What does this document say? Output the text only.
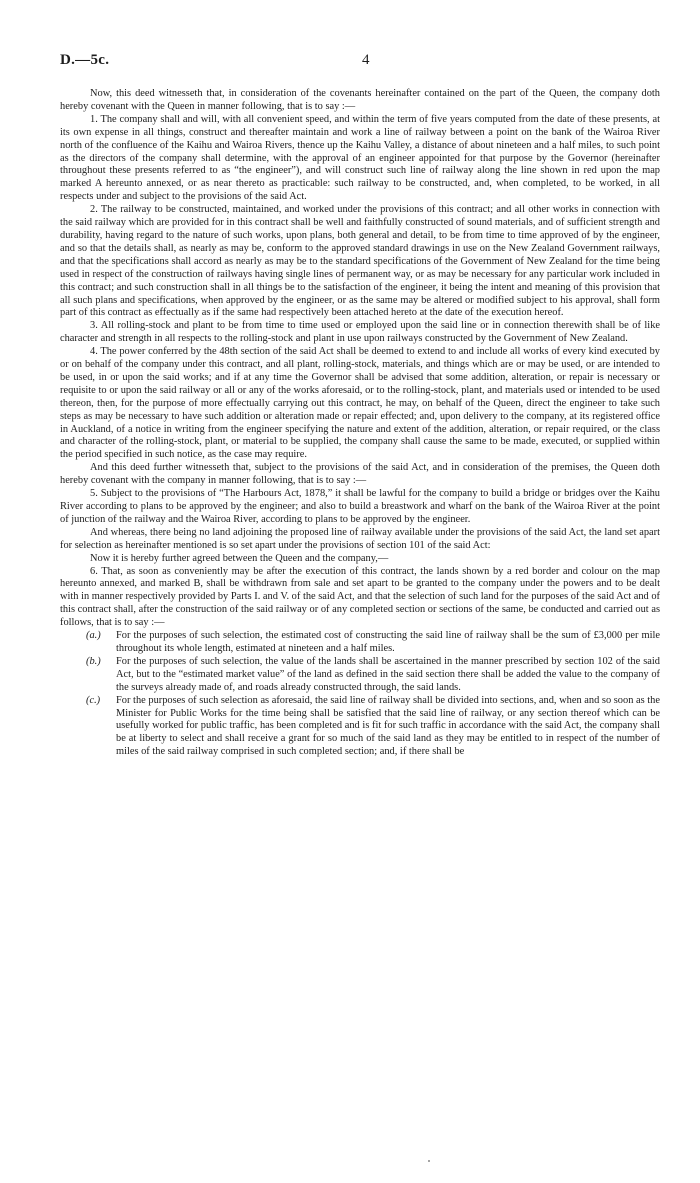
D.—5c.	4

Now, this deed witnesseth that, in consideration of the covenants hereinafter contained on the part of the Queen, the company doth hereby covenant with the Queen in manner following, that is to say :—

1. The company shall and will, with all convenient speed, and within the term of five years computed from the date of these presents, at its own expense in all things, construct and thereafter maintain and work a line of railway between a point on the bank of the Wairoa River north of the confluence of the Kaihu and Wairoa Rivers, thence up the Kaihu Valley, a distance of about nineteen and a half miles, to such point as the directors of the company shall determine, with the approval of an engineer appointed for that purpose by the Governor (hereinafter throughout these presents referred to as “the engineer”), and will construct such line of railway along the line shown in red upon the map marked A hereunto annexed, or as near thereto as practicable: such railway to be constructed, and, when completed, to be worked, in all respects under and subject to the provisions of the said Act.

2. The railway to be constructed, maintained, and worked under the provisions of this contract; and all other works in connection with the said railway which are provided for in this contract shall be well and faithfully constructed of sound materials, and of sufficient strength and durability, having regard to the nature of such works, upon plans, both general and detail, to be from time to time approved of by the engineer, and so that the details shall, as nearly as may be, conform to the approved standard drawings in use on the New Zealand Government railways, and that the specifications shall accord as nearly as may be to the standard specifications of the Government of New Zealand for the time being used in respect of the construction of railways having single lines of permanent way, or as may be necessary for any particular work included in this contract; and such construction shall in all things be to the satisfaction of the engineer, it being the intent and meaning of this provision that all such plans and specifications, when approved by the engineer, or as the same may be altered or modified subject to his approval, shall form part of this contract as effectually as if the same had respectively been attached hereto at the date of the execution hereof.

3. All rolling-stock and plant to be from time to time used or employed upon the said line or in connection therewith shall be of like character and strength in all respects to the rolling-stock and plant in use upon railways constructed by the Government of New Zealand.

4. The power conferred by the 48th section of the said Act shall be deemed to extend to and include all works of every kind executed by or on behalf of the company under this contract, and all plant, rolling-stock, materials, and things which are or may be used, or are intended to be used, in or upon the said works; and if at any time the Governor shall be advised that some addition, alteration, or repair is necessary or requisite to or upon the said railway or all or any of the works aforesaid, or to the rolling-stock, plant, and materials used or intended to be used thereon, then, for the purpose of more effectually carrying out this contract, he may, on behalf of the Queen, direct the engineer to take such steps as may be necessary to have such addition or alteration made or repair effected; and, upon delivery to the company, at its registered office in Auckland, of a notice in writing from the engineer specifying the nature and extent of the addition, alteration, or repair required, or the class and character of the rolling-stock, plant, or material to be supplied, the company shall cause the same to be made, executed, or supplied within the period specified in such notice, as the case may require.

And this deed further witnesseth that, subject to the provisions of the said Act, and in consideration of the premises, the Queen doth hereby covenant with the company in manner following, that is to say :—

5. Subject to the provisions of “The Harbours Act, 1878,” it shall be lawful for the company to build a bridge or bridges over the Kaihu River according to plans to be approved by the engineer; and also to build a breastwork and wharf on the bank of the Wairoa River at the point of junction of the railway and the Wairoa River, according to plans to be approved by the engineer.

And whereas, there being no land adjoining the proposed line of railway available under the provisions of the said Act, the land set apart for selection as hereinafter mentioned is so set apart under the provisions of section 101 of the said Act:

Now it is hereby further agreed between the Queen and the company,—

6. That, as soon as conveniently may be after the execution of this contract, the lands shown by a red border and colour on the map hereunto annexed, and marked B, shall be withdrawn from sale and set apart to be granted to the company under the powers and to be dealt with in manner respectively provided by Parts I. and V. of the said Act, and that the selection of such land for the purposes of the said Act and of this contract shall, after the construction of the said railway or of any completed section or sections of the same, be conducted and carried out as follows, that is to say :—

(a.)	For the purposes of such selection, the estimated cost of constructing the said line of railway shall be the sum of £3,000 per mile throughout its whole length, estimated at nineteen and a half miles.
(b.)	For the purposes of such selection, the value of the lands shall be ascertained in the manner prescribed by section 102 of the said Act, but to the “estimated market value” of the land as defined in the said section there shall be added the value to the company of the surveys already made of, and roads already constructed through, the said lands.
(c.)	For the purposes of such selection as aforesaid, the said line of railway shall be divided into sections, and, when and so soon as the Minister for Public Works for the time being shall be satisfied that the said line of railway, or any section thereof which can be usefully worked for public traffic, has been completed and is fit for such traffic in accordance with the said Act, the company shall be at liberty to select and shall receive a grant for so much of the said land as they may be entitled to in respect of the number of miles of the said railway comprised in such completed section; and, if there shall be
